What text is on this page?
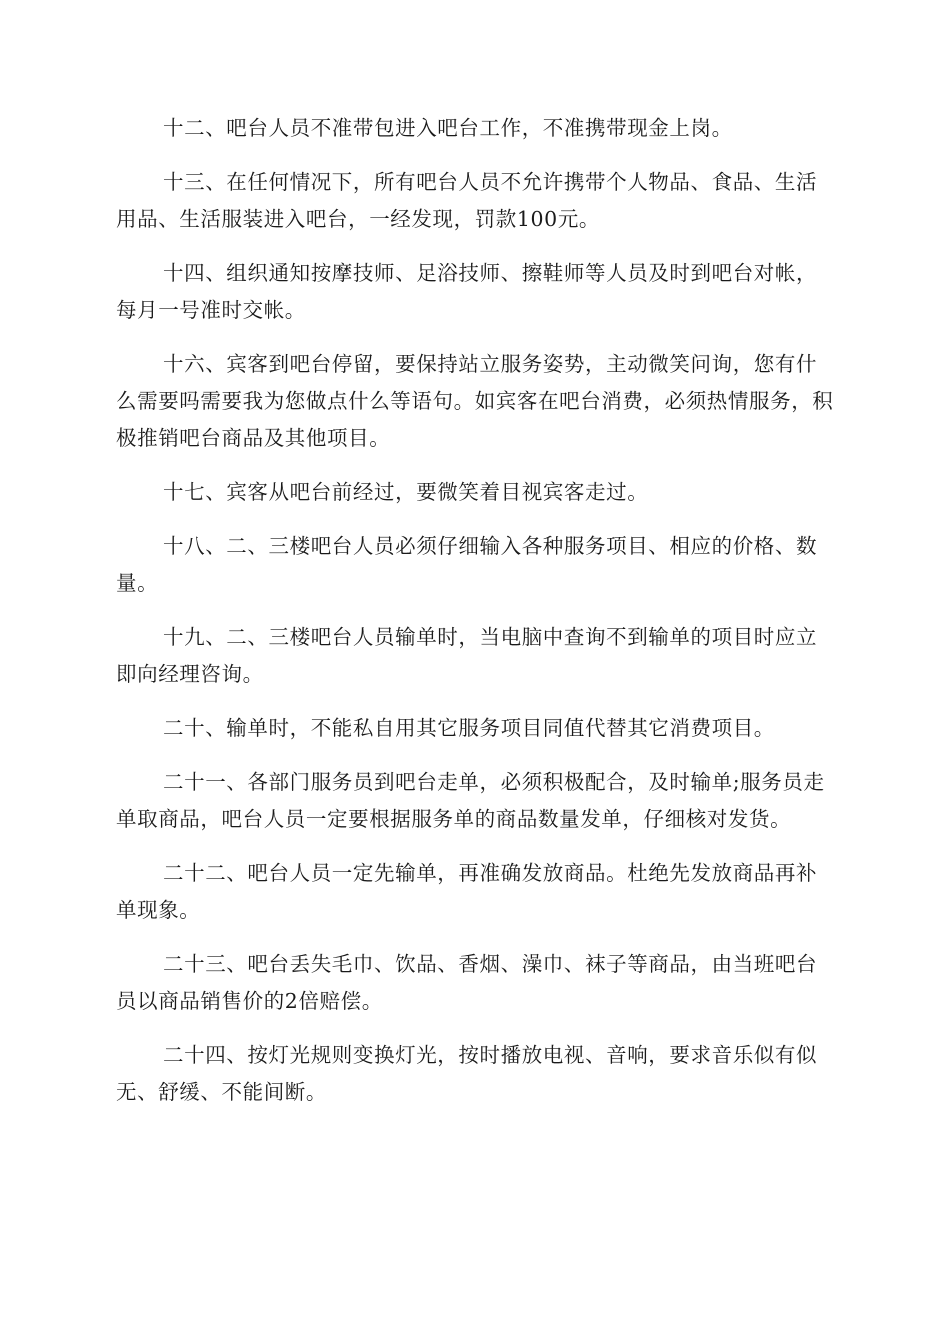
十二、吧台人员不准带包进入吧台工作，不准携带现金上岗。

十三、在任何情况下，所有吧台人员不允许携带个人物品、食品、生活用品、生活服装进入吧台，一经发现，罚款100元。

十四、组织通知按摩技师、足浴技师、擦鞋师等人员及时到吧台对帐，每月一号准时交帐。

十六、宾客到吧台停留，要保持站立服务姿势，主动微笑问询，您有什么需要吗需要我为您做点什么等语句。如宾客在吧台消费，必须热情服务，积极推销吧台商品及其他项目。

十七、宾客从吧台前经过，要微笑着目视宾客走过。

十八、二、三楼吧台人员必须仔细输入各种服务项目、相应的价格、数量。

十九、二、三楼吧台人员输单时，当电脑中查询不到输单的项目时应立即向经理咨询。

二十、输单时，不能私自用其它服务项目同值代替其它消费项目。

二十一、各部门服务员到吧台走单，必须积极配合，及时输单;服务员走单取商品，吧台人员一定要根据服务单的商品数量发单，仔细核对发货。

二十二、吧台人员一定先输单，再准确发放商品。杜绝先发放商品再补单现象。

二十三、吧台丢失毛巾、饮品、香烟、澡巾、袜子等商品，由当班吧台员以商品销售价的2倍赔偿。

二十四、按灯光规则变换灯光，按时播放电视、音响，要求音乐似有似无、舒缓、不能间断。
